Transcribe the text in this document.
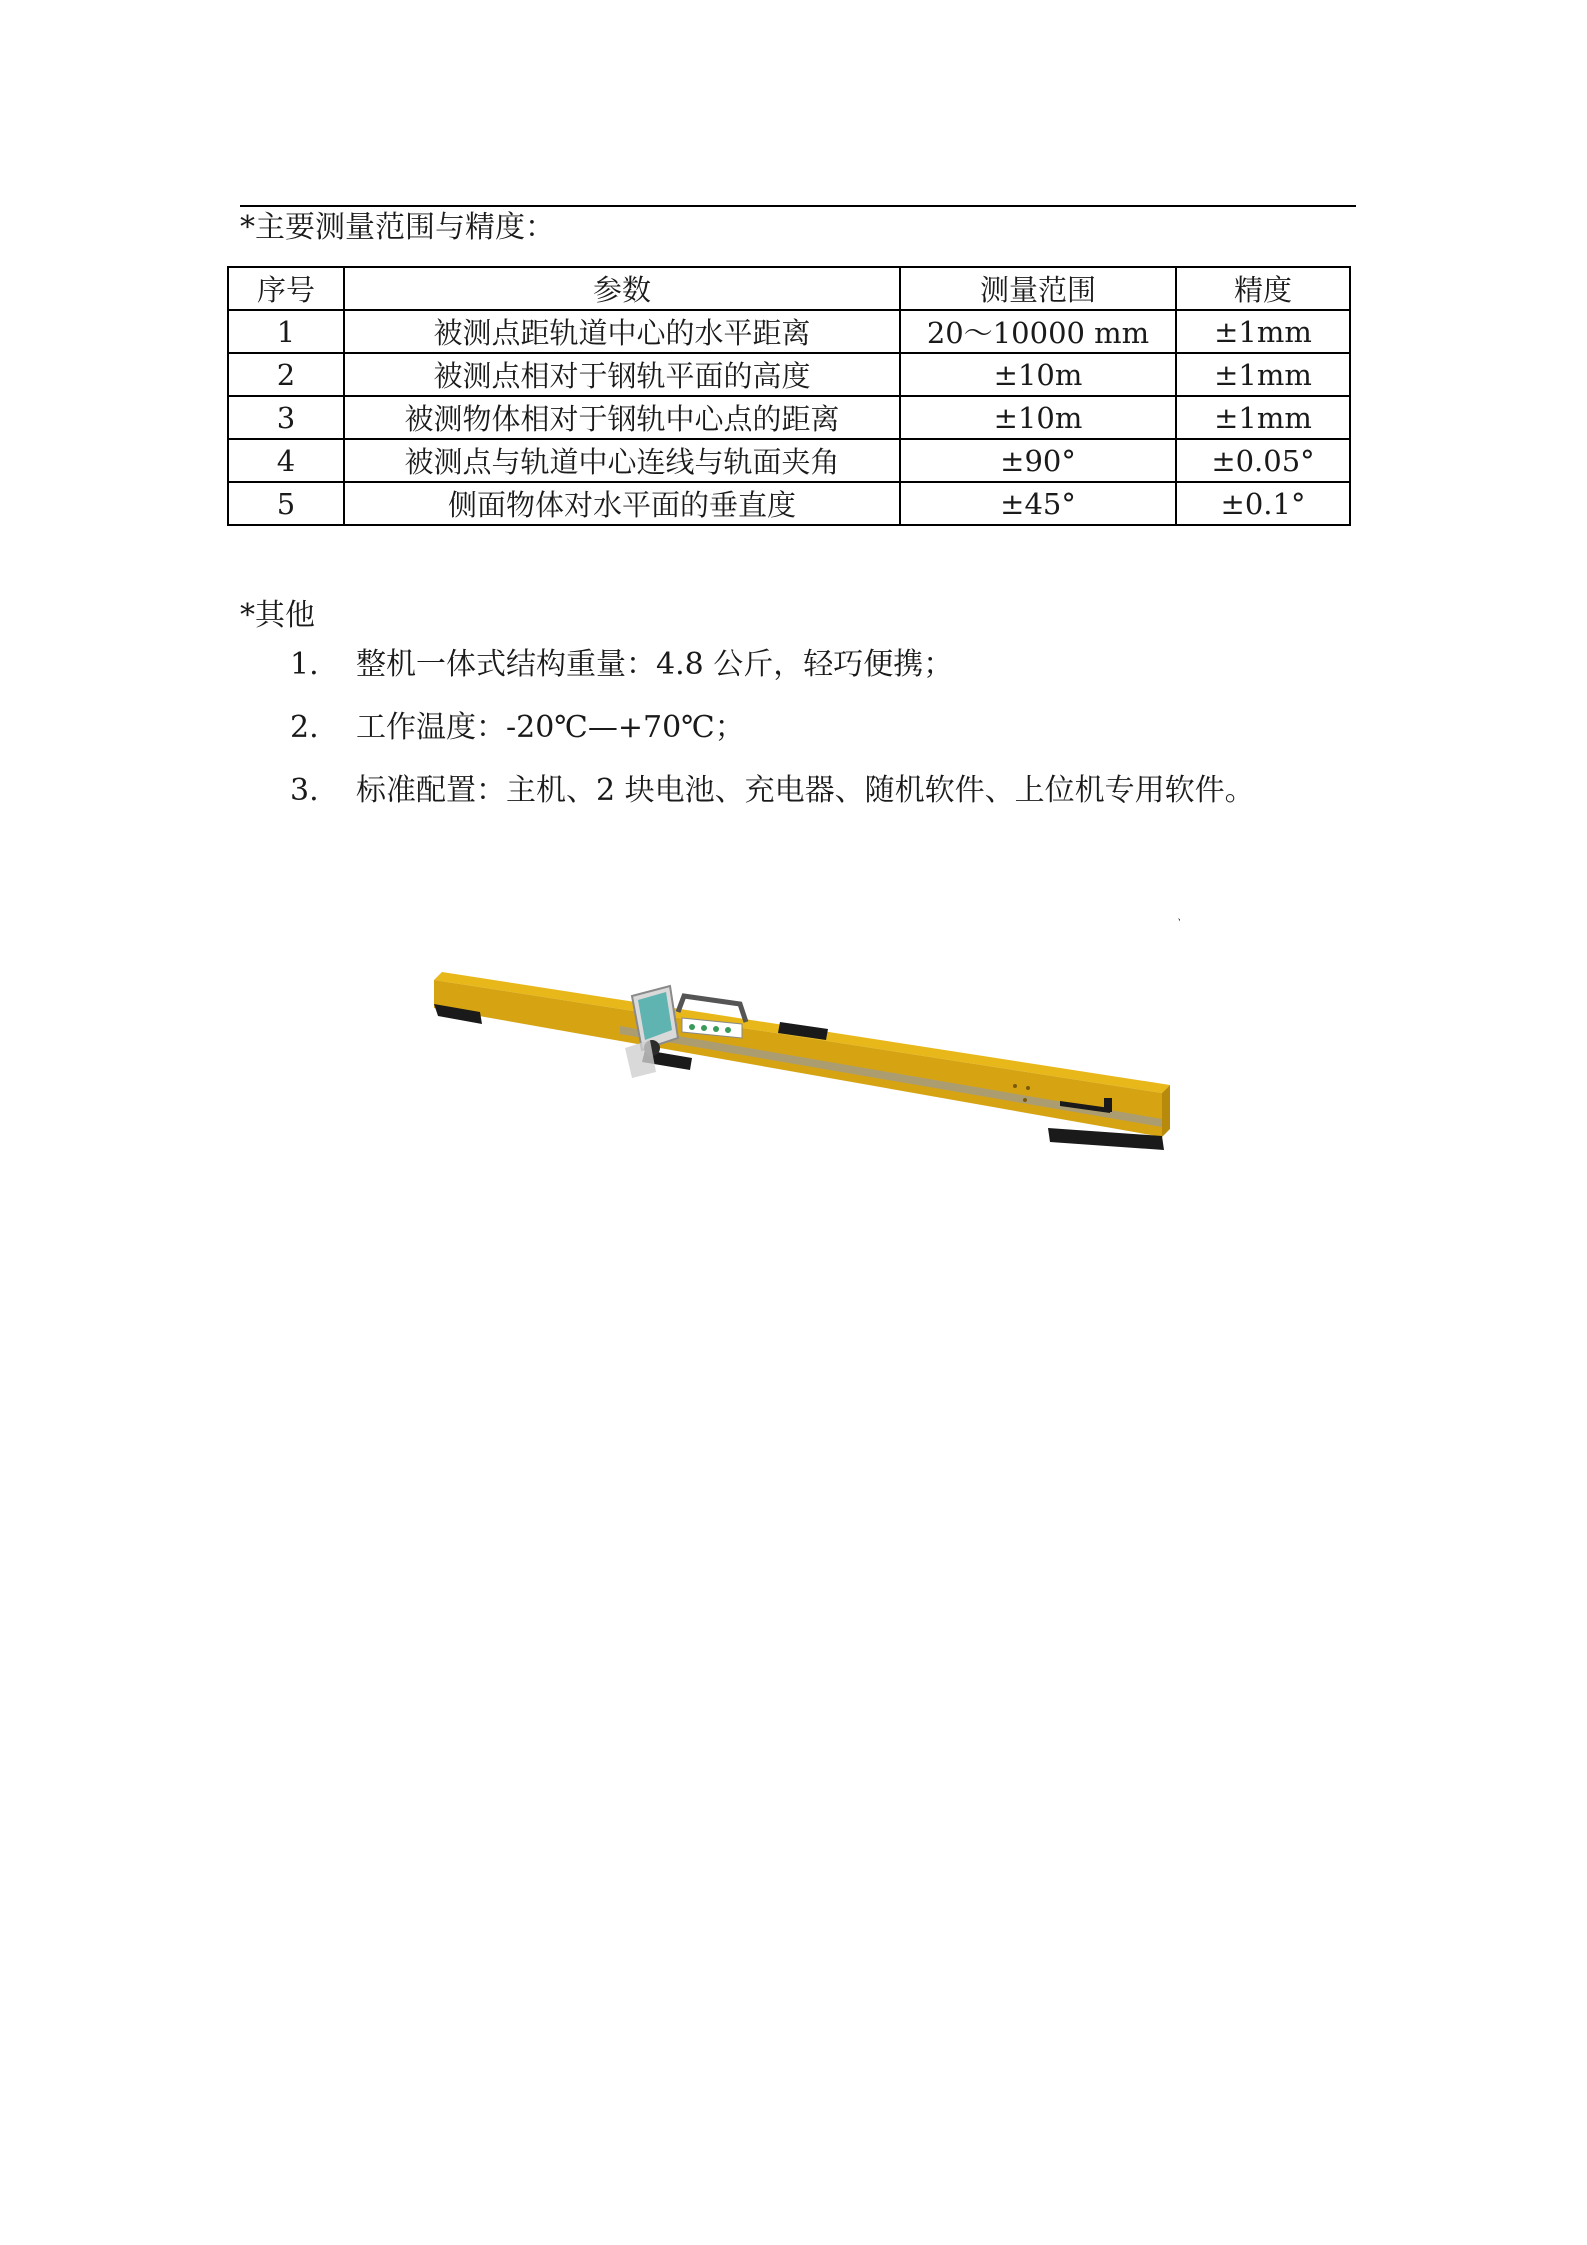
*主要测量范围与精度：
序号	参数	测量范围	精度
1	被测点距轨道中心的水平距离	20～10000 mm	±1mm
2	被测点相对于钢轨平面的高度	±10m	±1mm
3	被测物体相对于钢轨中心点的距离	±10m	±1mm
4	被测点与轨道中心连线与轨面夹角	±90°	±0.05°
5	侧面物体对水平面的垂直度	±45°	±0.1°
*其他
1. 整机一体式结构重量：4.8 公斤，轻巧便携；
2. 工作温度：-20℃—+70℃；
3. 标准配置：主机、2 块电池、充电器、随机软件、上位机专用软件。
